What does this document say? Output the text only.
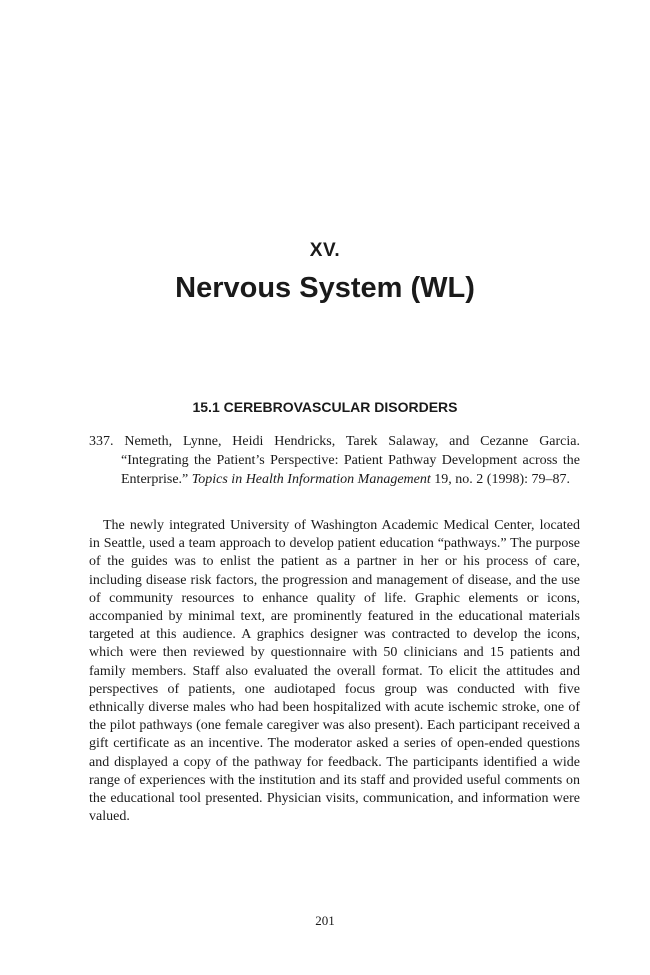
XV.
Nervous System (WL)
15.1 CEREBROVASCULAR DISORDERS
337. Nemeth, Lynne, Heidi Hendricks, Tarek Salaway, and Cezanne Garcia. “Integrating the Patient’s Perspective: Patient Pathway Development across the Enterprise.” Topics in Health Information Management 19, no. 2 (1998): 79–87.

The newly integrated University of Washington Academic Medical Center, located in Seattle, used a team approach to develop patient education “pathways.” The purpose of the guides was to enlist the patient as a partner in her or his process of care, including disease risk factors, the progression and management of disease, and the use of community resources to enhance quality of life. Graphic elements or icons, accompanied by minimal text, are prominently featured in the educational materials targeted at this audience. A graphics designer was contracted to develop the icons, which were then reviewed by questionnaire with 50 clinicians and 15 patients and family members. Staff also evaluated the overall format. To elicit the attitudes and perspectives of patients, one audiotaped focus group was conducted with five ethnically diverse males who had been hospitalized with acute ischemic stroke, one of the pilot pathways (one female caregiver was also present). Each participant received a gift certificate as an incentive. The moderator asked a series of open-ended questions and displayed a copy of the pathway for feedback. The participants identified a wide range of experiences with the institution and its staff and provided useful comments on the educational tool presented. Physician visits, communication, and information were valued.

201
